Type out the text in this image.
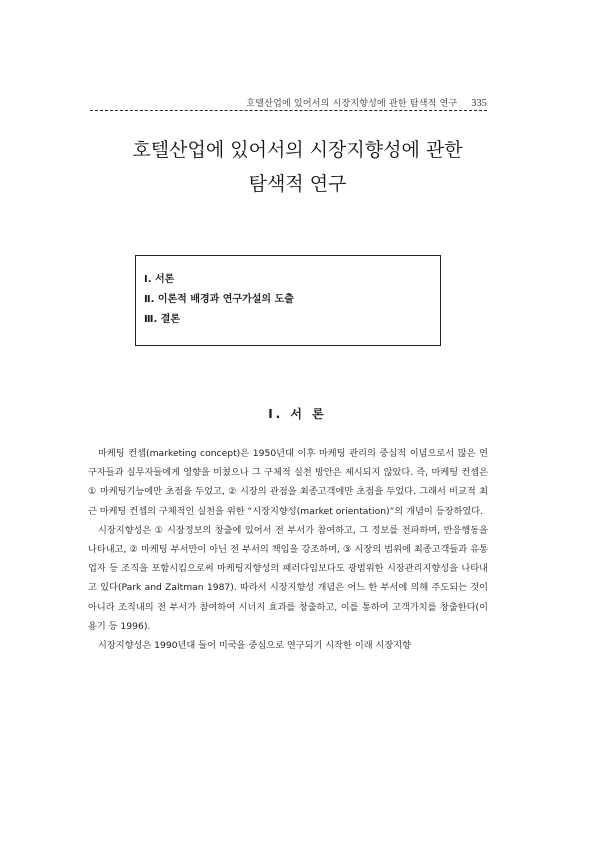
호텔산업에 있어서의 시장지향성에 관한 탐색적 연구 335
호텔산업에 있어서의 시장지향성에 관한
탐색적 연구
Ⅰ. 서론
Ⅱ. 이론적 배경과 연구가설의 도출
Ⅲ. 결론
Ⅰ. 서 론

마케팅 컨셉(marketing concept)은 1950년대 이후 마케팅 관리의 중심적 이념으로서 많은 연구자들과 실무자들에게 영향을 미쳤으나 그 구체적 실천 방안은 제시되지 않았다. 즉, 마케팅 컨셉은 ① 마케팅기능에만 초점을 두었고, ② 시장의 관점을 최종고객에만 초점을 두었다. 그래서 비교적 최근 마케팅 컨셉의 구체적인 실천을 위한 “시장지향성(market orientation)”의 개념이 등장하였다.

시장지향성은 ① 시장정보의 창출에 있어서 전 부서가 참여하고, 그 정보를 전파하며, 반응행동을 나타내고, ② 마케팅 부서만이 아닌 전 부서의 책임을 강조하며, ③ 시장의 범위에 최종고객들과 유통업자 등 조직을 포함시킴으로써 마케팅지향성의 패러다임보다도 광범위한 시장관리지향성을 나타내고 있다(Park and Zaltman 1987). 따라서 시장지향성 개념은 어느 한 부서에 의해 주도되는 것이 아니라 조직내의 전 부서가 참여하여 시너지 효과를 창출하고, 이를 통하여 고객가치를 창출한다(이용기 등 1996).

시장지향성은 1990년대 들어 미국을 중심으로 연구되기 시작한 이래 시장지향
